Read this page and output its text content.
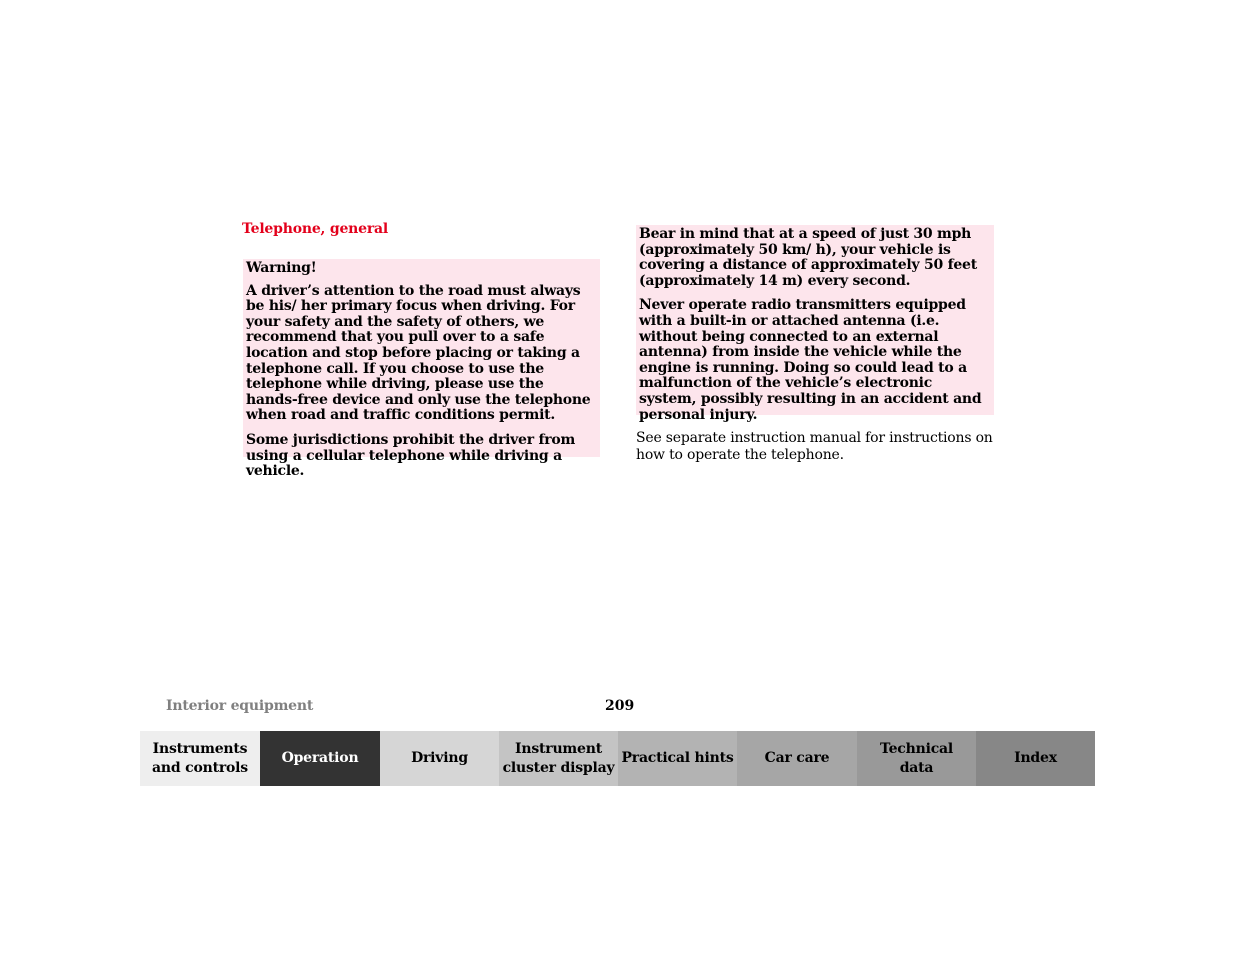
Telephone, general

Warning!

A driver’s attention to the road must always be his/ her primary focus when driving. For your safety and the safety of others, we recommend that you pull over to a safe location and stop before placing or taking a telephone call. If you choose to use the telephone while driving, please use the hands-free device and only use the telephone when road and traffic conditions permit.

Some jurisdictions prohibit the driver from using a cellular telephone while driving a vehicle.

Bear in mind that at a speed of just 30 mph (approximately 50 km/ h), your vehicle is covering a distance of approximately 50 feet (approximately 14 m) every second.

Never operate radio transmitters equipped with a built-in or attached antenna (i.e. without being connected to an external antenna) from inside the vehicle while the engine is running. Doing so could lead to a malfunction of the vehicle’s electronic system, possibly resulting in an accident and personal injury.

See separate instruction manual for instructions on how to operate the telephone.

Interior equipment	209
Instruments
and controls
Operation	Driving
Instrument
cluster display
Practical hints	Car care
Technical
data
Index
